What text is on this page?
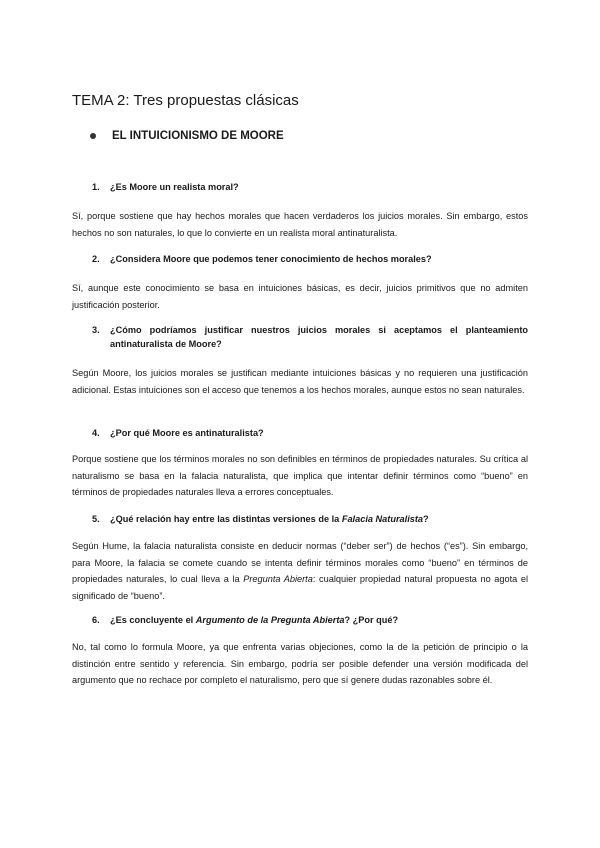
TEMA 2: Tres propuestas clásicas
EL INTUICIONISMO DE MOORE
1.	¿Es Moore un realista moral?

Sí, porque sostiene que hay hechos morales que hacen verdaderos los juicios morales. Sin embargo, estos hechos no son naturales, lo que lo convierte en un realista moral antinaturalista.

2.	¿Considera Moore que podemos tener conocimiento de hechos morales?

Sí, aunque este conocimiento se basa en intuiciones básicas, es decir, juicios primitivos que no admiten justificación posterior.

3.	¿Cómo podríamos justificar nuestros juicios morales si aceptamos el planteamiento antinaturalista de Moore?

Según Moore, los juicios morales se justifican mediante intuiciones básicas y no requieren una justificación adicional. Estas intuiciones son el acceso que tenemos a los hechos morales, aunque estos no sean naturales.

4.	¿Por qué Moore es antinaturalista?

Porque sostiene que los términos morales no son definibles en términos de propiedades naturales. Su crítica al naturalismo se basa en la falacia naturalista, que implica que intentar definir términos como “bueno” en términos de propiedades naturales lleva a errores conceptuales.

5.	¿Qué relación hay entre las distintas versiones de la Falacia Naturalista?

Según Hume, la falacia naturalista consiste en deducir normas (“deber ser”) de hechos (“es”). Sin embargo, para Moore, la falacia se comete cuando se intenta definir términos morales como “bueno” en términos de propiedades naturales, lo cual lleva a la Pregunta Abierta: cualquier propiedad natural propuesta no agota el significado de “bueno”.

6.	¿Es concluyente el Argumento de la Pregunta Abierta? ¿Por qué?

No, tal como lo formula Moore, ya que enfrenta varias objeciones, como la de la petición de principio o la distinción entre sentido y referencia. Sin embargo, podría ser posible defender una versión modificada del argumento que no rechace por completo el naturalismo, pero que sí genere dudas razonables sobre él.
